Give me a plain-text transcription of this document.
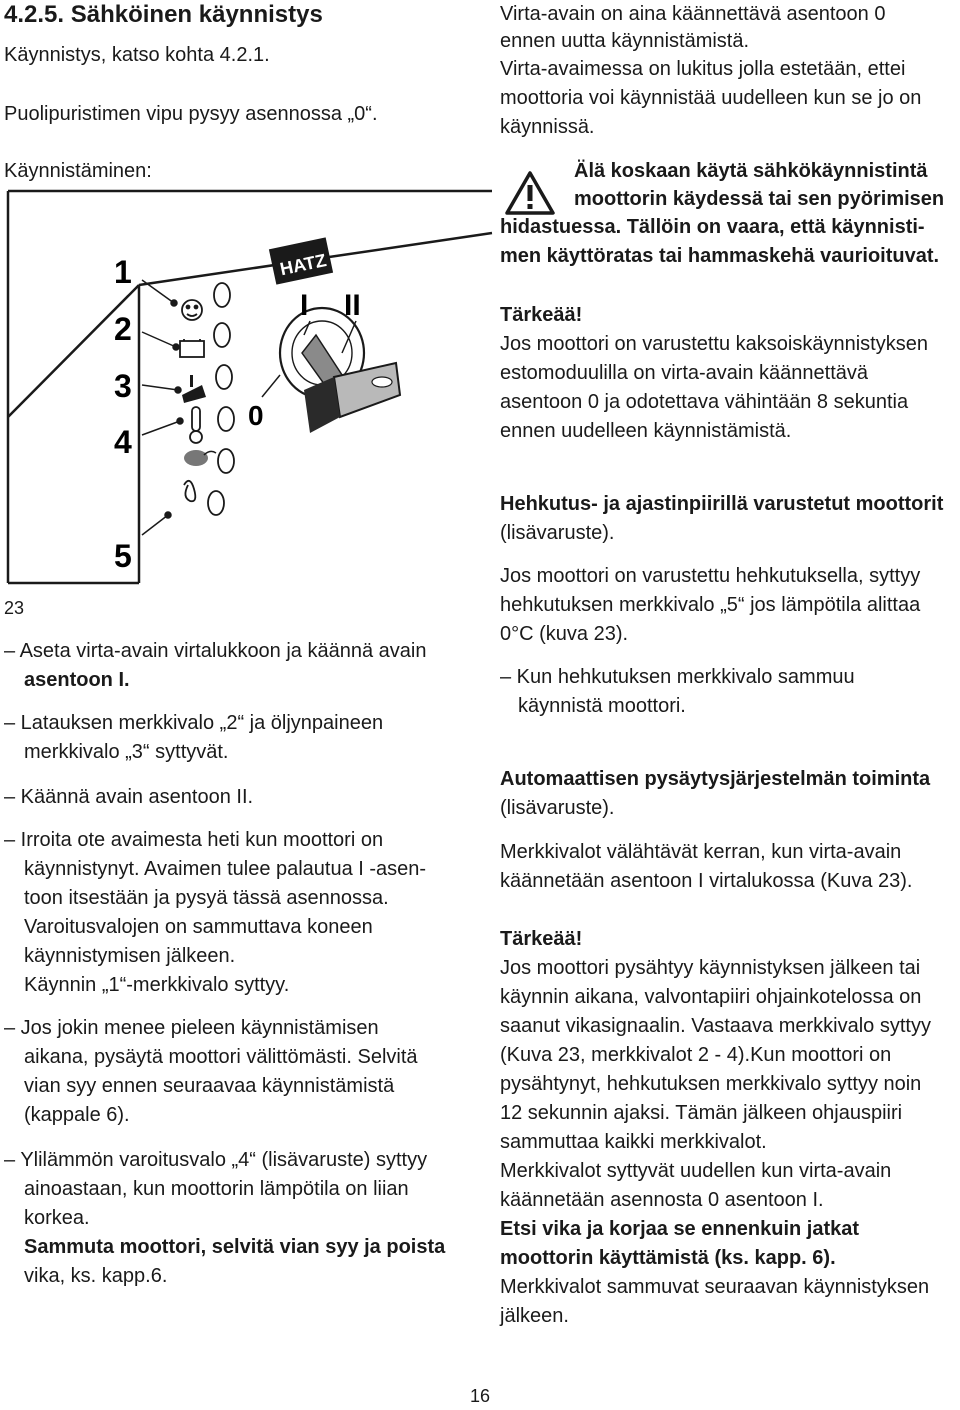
4.2.5. Sähköinen käynnistys
Käynnistys, katso kohta 4.2.1.
Puolipuristimen vipu pysyy asennossa „0“.
Käynnistäminen:
HATZ
0
I II
1
2
3
4
5
23
– Aseta virta-avain virtalukkoon ja käännä avain
asentoon I.
– Latauksen merkkivalo „2“ ja öljynpaineen
merkkivalo „3“ syttyvät.
– Käännä avain asentoon II.
– Irroita ote avaimesta heti kun moottori on
käynnistynyt. Avaimen tulee palautua I -asen-
toon itsestään ja pysyä tässä asennossa.
Varoitusvalojen on sammuttava koneen
käynnistymisen jälkeen.
Käynnin „1“-merkkivalo syttyy.
– Jos jokin menee pieleen käynnistämisen
aikana, pysäytä moottori välittömästi. Selvitä
vian syy ennen seuraavaa käynnistämistä
(kappale 6).
– Ylilämmön varoitusvalo „4“ (lisävaruste) syttyy
ainoastaan, kun moottorin lämpötila on liian
korkea.
Sammuta moottori, selvitä vian syy ja poista
vika, ks. kapp.6.
Virta-avain on aina käännettävä asentoon 0
ennen uutta käynnistämistä.
Virta-avaimessa on lukitus jolla estetään, ettei
moottoria voi käynnistää uudelleen kun se jo on
käynnissä.
Älä koskaan käytä sähkökäynnistintä
moottorin käydessä tai sen pyörimisen
hidastuessa. Tällöin on vaara, että käynnisti-
men käyttöratas tai hammaskehä vaurioituvat.
Tärkeää!
Jos moottori on varustettu kaksoiskäynnistyksen
estomoduulilla on virta-avain käännettävä
asentoon 0 ja odotettava vähintään 8 sekuntia
ennen uudelleen käynnistämistä.
Hehkutus- ja ajastinpiirillä varustetut moottorit
(lisävaruste).
Jos moottori on varustettu hehkutuksella, syttyy
hehkutuksen merkkivalo „5“ jos lämpötila alittaa
0°C (kuva 23).
– Kun hehkutuksen merkkivalo sammuu
käynnistä moottori.
Automaattisen pysäytysjärjestelmän toiminta
(lisävaruste).
Merkkivalot välähtävät kerran, kun virta-avain
käännetään asentoon I virtalukossa (Kuva 23).
Tärkeää!
Jos moottori pysähtyy käynnistyksen jälkeen tai
käynnin aikana, valvontapiiri ohjainkotelossa on
saanut vikasignaalin. Vastaava merkkivalo syttyy
(Kuva 23, merkkivalot 2 - 4).Kun moottori on
pysähtynyt, hehkutuksen merkkivalo syttyy noin
12 sekunnin ajaksi. Tämän jälkeen ohjauspiiri
sammuttaa kaikki merkkivalot.
Merkkivalot syttyvät uudellen kun virta-avain
käännetään asennosta 0 asentoon I.
Etsi vika ja korjaa se ennenkuin jatkat
moottorin käyttämistä (ks. kapp. 6).
Merkkivalot sammuvat seuraavan käynnistyksen
jälkeen.
16
